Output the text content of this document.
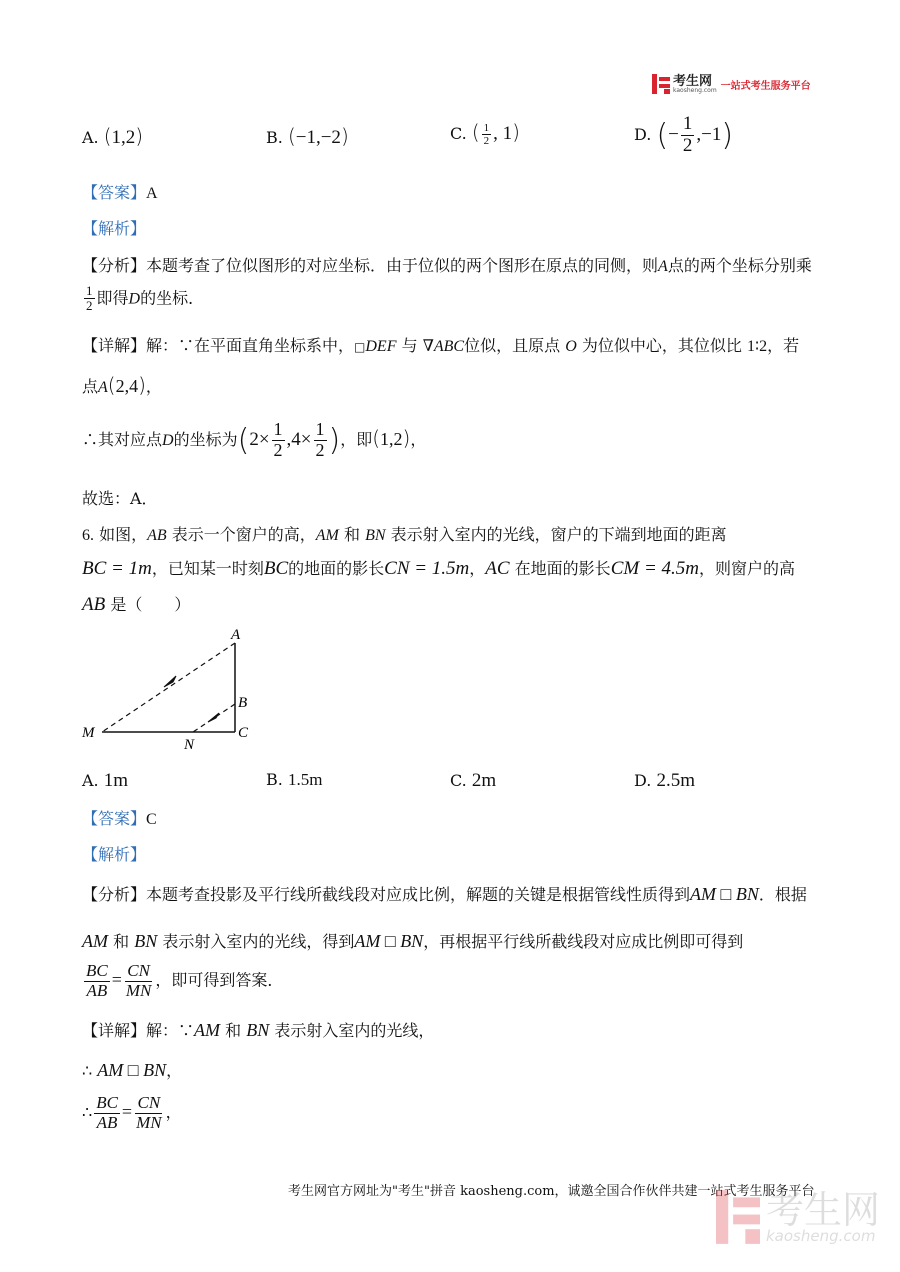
考生网
kaosheng.com 一站式考生服务平台
A. (1,2)	B. (−1,−2)	C. ( $\frac{1}{2}$ , 1)	D. (− $\frac{1}{2} ,-1$)
【答案】A
【解析】
【分析】本题考查了位似图形的对应坐标．由于位似的两个图形在原点的同侧，则A点的两个坐标分别乘
$\frac{1}{2}$ 即得D的坐标．
【详解】解：∵在平面直角坐标系中，□DEF 与 ∇ABC位似，且原点 O 为位似中心，其位似比 1∶2，若
点A(2,4)，
∴其对应点D的坐标为($2\times \frac{1}{2} ,4\times \frac{1}{2}$ )，即(1,2)，
故选：A．
6. 如图，AB 表示一个窗户的高，AM 和 BN 表示射入室内的光线，窗户的下端到地面的距离
BC = 1m，已知某一时刻BC的地面的影长CN = 1.5m，AC 在地面的影长CM = 4.5m，则窗户的高
AB 是（　　）
A
B
C
M
N
A. 1m	B. 1.5m	C. 2m	D. 2.5m
【答案】C
【解析】
【分析】本题考查投影及平行线所截线段对应成比例，解题的关键是根据管线性质得到AM □ BN．根据
AM 和 BN 表示射入室内的光线，得到AM □ BN，再根据平行线所截线段对应成比例即可得到
$\frac{BC}{AB} = \frac{CN}{MN}$ ，即可得到答案．
【详解】解：∵AM 和 BN 表示射入室内的光线，
∴ AM □ BN，
∴ $\frac{BC}{AB} = \frac{CN}{MN}$ ，
考生网官方网址为"考生"拼音 kaosheng.com，诚邀全国合作伙伴共建一站式考生服务平台
考生网
kaosheng.com
